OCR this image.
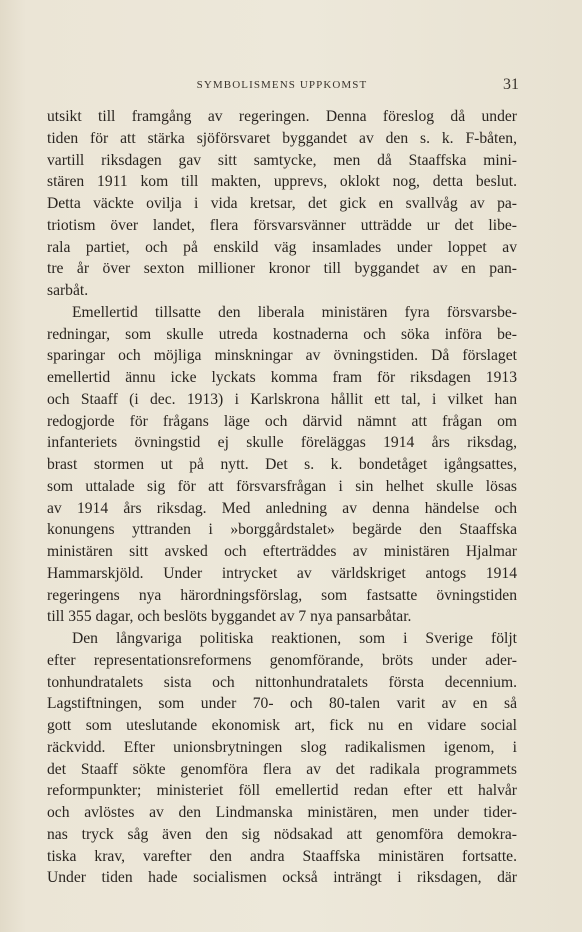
SYMBOLISMENS UPPKOMST	31
utsikt till framgång av regeringen. Denna föreslog då under
tiden för att stärka sjöförsvaret byggandet av den s. k. F-båten,
vartill riksdagen gav sitt samtycke, men då Staaffska mini-
stären 1911 kom till makten, upprevs, oklokt nog, detta beslut.
Detta väckte ovilja i vida kretsar, det gick en svallvåg av pa-
triotism över landet, flera försvarsvänner utträdde ur det libe-
rala partiet, och på enskild väg insamlades under loppet av
tre år över sexton millioner kronor till byggandet av en pan-
sarbåt.
Emellertid tillsatte den liberala ministären fyra försvarsbe-
redningar, som skulle utreda kostnaderna och söka införa be-
sparingar och möjliga minskningar av övningstiden. Då förslaget
emellertid ännu icke lyckats komma fram för riksdagen 1913
och Staaff (i dec. 1913) i Karlskrona hållit ett tal, i vilket han
redogjorde för frågans läge och därvid nämnt att frågan om
infanteriets övningstid ej skulle föreläggas 1914 års riksdag,
brast stormen ut på nytt. Det s. k. bondetåget igångsattes,
som uttalade sig för att försvarsfrågan i sin helhet skulle lösas
av 1914 års riksdag. Med anledning av denna händelse och
konungens yttranden i »borggårdstalet» begärde den Staaffska
ministären sitt avsked och efterträddes av ministären Hjalmar
Hammarskjöld. Under intrycket av världskriget antogs 1914
regeringens nya härordningsförslag, som fastsatte övningstiden
till 355 dagar, och beslöts byggandet av 7 nya pansarbåtar.
Den långvariga politiska reaktionen, som i Sverige följt
efter representationsreformens genomförande, bröts under ader-
tonhundratalets sista och nittonhundratalets första decennium.
Lagstiftningen, som under 70- och 80-talen varit av en så
gott som uteslutande ekonomisk art, fick nu en vidare social
räckvidd. Efter unionsbrytningen slog radikalismen igenom, i
det Staaff sökte genomföra flera av det radikala programmets
reformpunkter; ministeriet föll emellertid redan efter ett halvår
och avlöstes av den Lindmanska ministären, men under tider-
nas tryck såg även den sig nödsakad att genomföra demokra-
tiska krav, varefter den andra Staaffska ministären fortsatte.
Under tiden hade socialismen också inträngt i riksdagen, där
